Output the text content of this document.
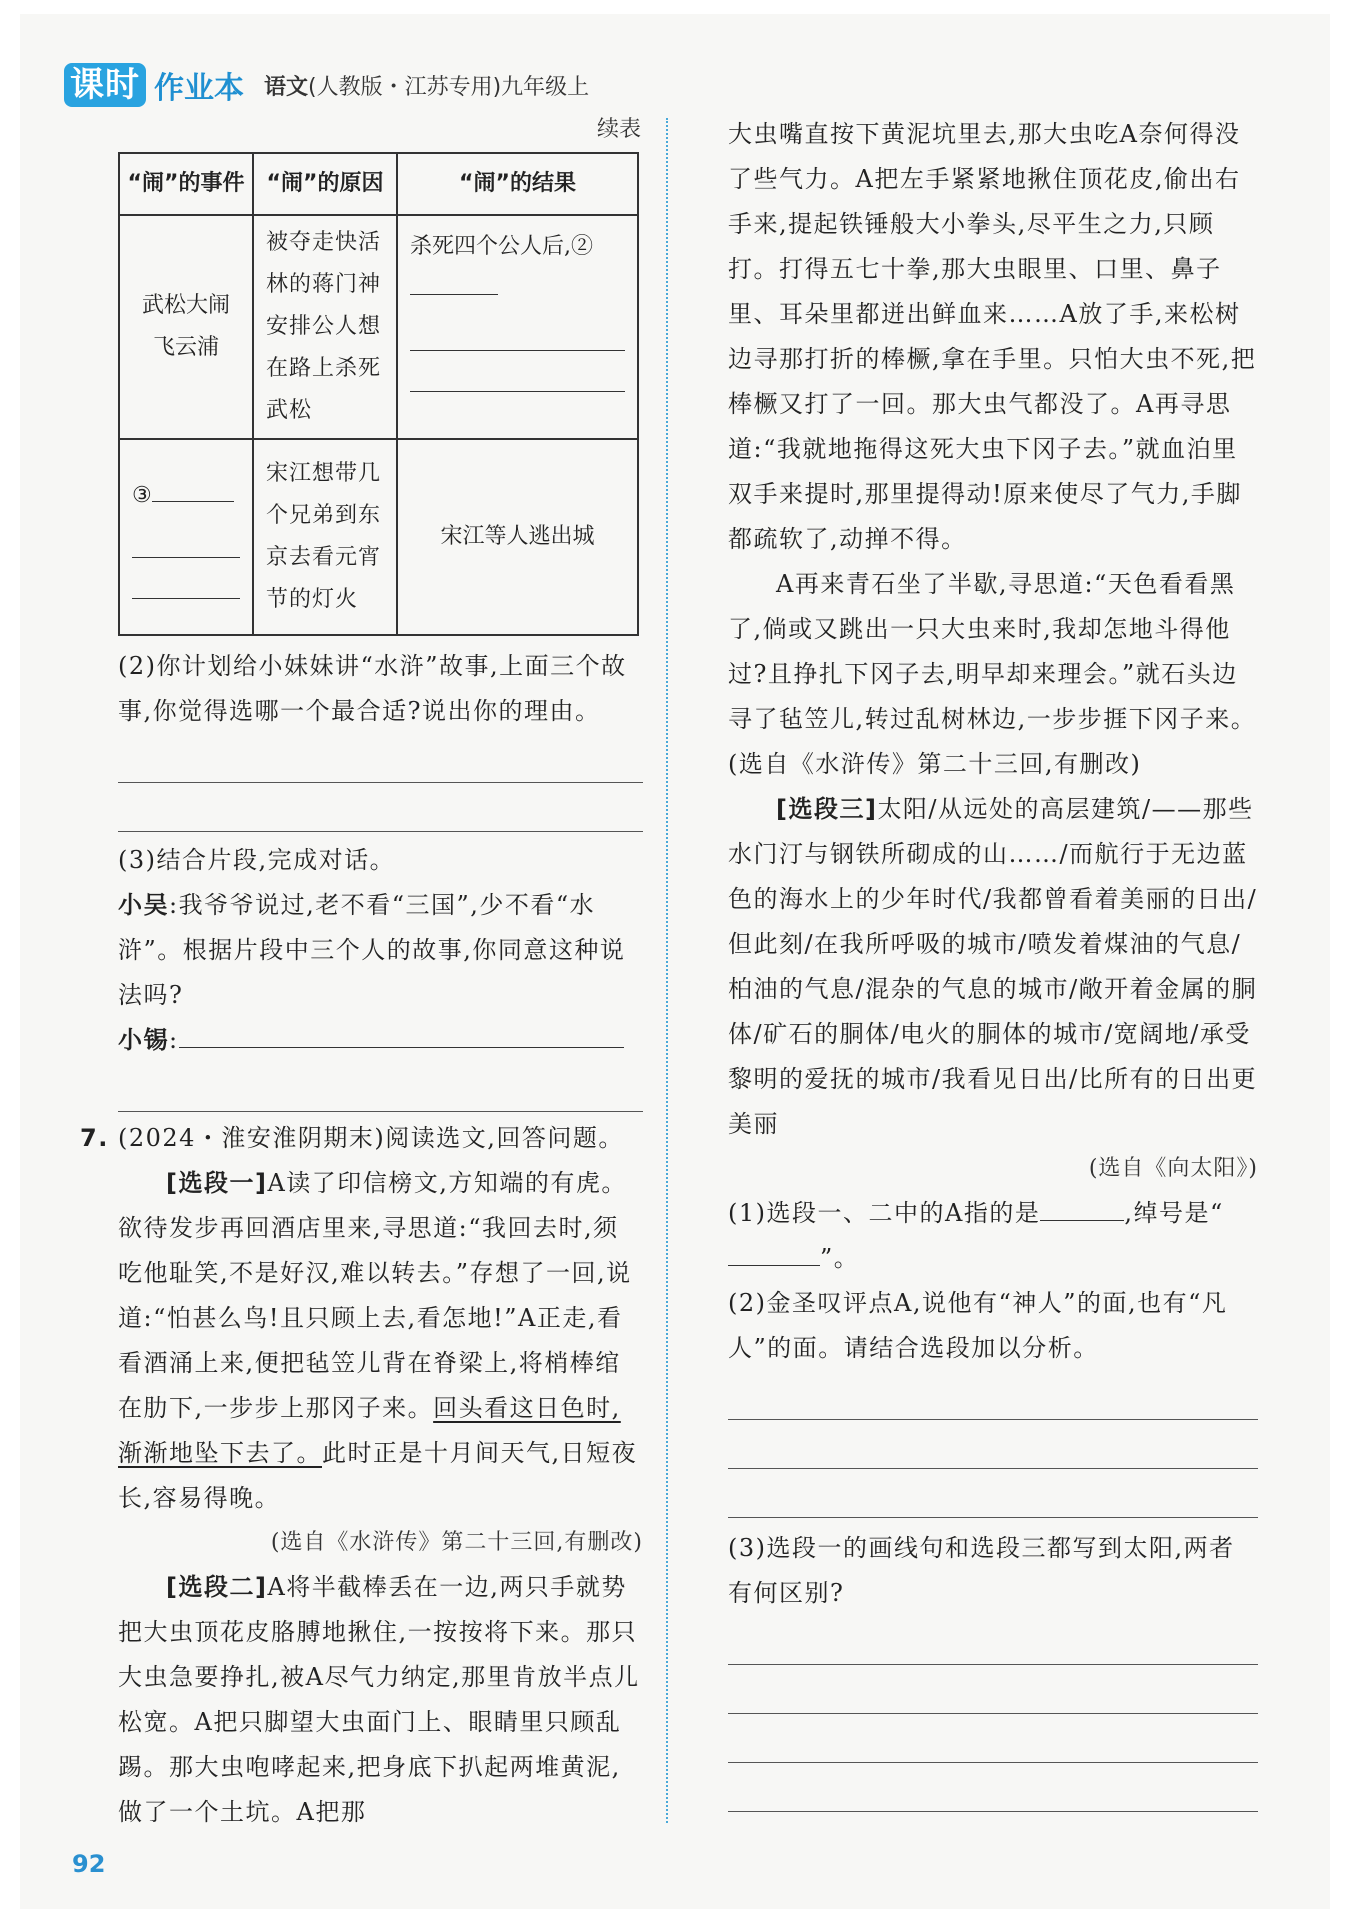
课时 作业本 语文(人教版・江苏专用)九年级上
续表
“闹”的事件	“闹”的原因	“闹”的结果
武松大闹飞云浦	被夺走快活林的蒋门神安排公人想在路上杀死武松	杀死四个公人后,②

③	宋江想带几个兄弟到东京去看元宵节的灯火	宋江等人逃出城

(2)你计划给小妹妹讲“水浒”故事,上面三个故事,你觉得选哪一个最合适?说出你的理由。

(3)结合片段,完成对话。

小吴:我爷爷说过,老不看“三国”,少不看“水浒”。根据片段中三个人的故事,你同意这种说法吗?

小锡:

7. (2024・淮安淮阴期末)阅读选文,回答问题。

[选段一]A读了印信榜文,方知端的有虎。欲待发步再回酒店里来,寻思道:“我回去时,须吃他耻笑,不是好汉,难以转去。”存想了一回,说道:“怕甚么鸟!且只顾上去,看怎地!”A正走,看看酒涌上来,便把毡笠儿背在脊梁上,将梢棒绾在肋下,一步步上那冈子来。回头看这日色时,渐渐地坠下去了。此时正是十月间天气,日短夜长,容易得晚。

(选自《水浒传》第二十三回,有删改)

[选段二]A将半截棒丢在一边,两只手就势把大虫顶花皮胳膊地揪住,一按按将下来。那只大虫急要挣扎,被A尽气力纳定,那里肯放半点儿松宽。A把只脚望大虫面门上、眼睛里只顾乱踢。那大虫咆哮起来,把身底下扒起两堆黄泥,做了一个土坑。A把那

大虫嘴直按下黄泥坑里去,那大虫吃A奈何得没了些气力。A把左手紧紧地揪住顶花皮,偷出右手来,提起铁锤般大小拳头,尽平生之力,只顾打。打得五七十拳,那大虫眼里、口里、鼻子里、耳朵里都迸出鲜血来……A放了手,来松树边寻那打折的棒橛,拿在手里。只怕大虫不死,把棒橛又打了一回。那大虫气都没了。A再寻思道:“我就地拖得这死大虫下冈子去。”就血泊里双手来提时,那里提得动!原来使尽了气力,手脚都疏软了,动掸不得。

A再来青石坐了半歇,寻思道:“天色看看黑了,倘或又跳出一只大虫来时,我却怎地斗得他过?且挣扎下冈子去,明早却来理会。”就石头边寻了毡笠儿,转过乱树林边,一步步捱下冈子来。(选自《水浒传》第二十三回,有删改)

[选段三]太阳/从远处的高层建筑/——那些水门汀与钢铁所砌成的山……/而航行于无边蓝色的海水上的少年时代/我都曾看着美丽的日出/但此刻/在我所呼吸的城市/喷发着煤油的气息/柏油的气息/混杂的气息的城市/敞开着金属的胴体/矿石的胴体/电火的胴体的城市/宽阔地/承受黎明的爱抚的城市/我看见日出/比所有的日出更美丽

(选自《向太阳》)

(1)选段一、二中的A指的是	,绰号是“”。

(2)金圣叹评点A,说他有“神人”的面,也有“凡人”的面。请结合选段加以分析。

(3)选段一的画线句和选段三都写到太阳,两者有何区别?

92
